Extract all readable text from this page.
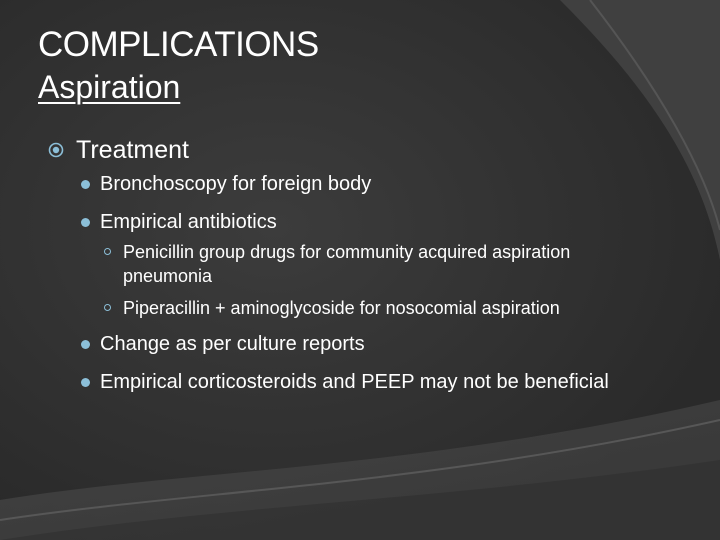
COMPLICATIONS
Aspiration
Treatment
Bronchoscopy for foreign body
Empirical antibiotics
Penicillin group drugs for community acquired aspiration pneumonia
Piperacillin + aminoglycoside for nosocomial aspiration
Change as per culture reports
Empirical corticosteroids and PEEP may not be beneficial
